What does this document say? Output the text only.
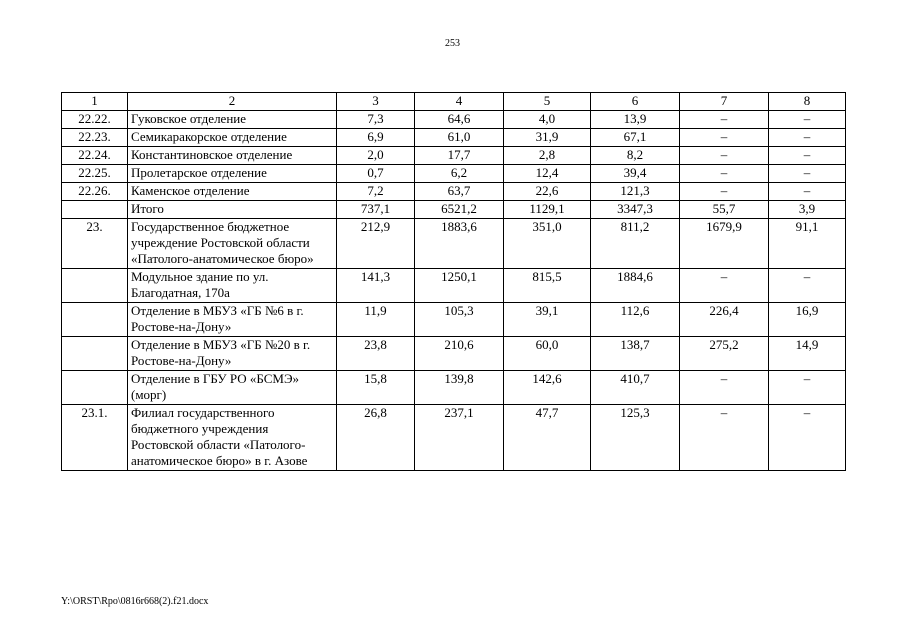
253
1	2	3	4	5	6	7	8
22.22.	Гуковское отделение	7,3	64,6	4,0	13,9	–	–
22.23.	Семикаракорское отделение	6,9	61,0	31,9	67,1	–	–
22.24.	Константиновское отделение	2,0	17,7	2,8	8,2	–	–
22.25.	Пролетарское отделение	0,7	6,2	12,4	39,4	–	–
22.26.	Каменское отделение	7,2	63,7	22,6	121,3	–	–
	Итого	737,1	6521,2	1129,1	3347,3	55,7	3,9
23.	Государственное бюджетное учреждение Ростовской области «Патолого-анатомическое бюро»	212,9	1883,6	351,0	811,2	1679,9	91,1
	Модульное здание по ул. Благодатная, 170а	141,3	1250,1	815,5	1884,6	–	–
	Отделение в МБУЗ «ГБ №6 в г. Ростове-на-Дону»	11,9	105,3	39,1	112,6	226,4	16,9
	Отделение в МБУЗ «ГБ №20 в г. Ростове-на-Дону»	23,8	210,6	60,0	138,7	275,2	14,9
	Отделение в ГБУ РО «БСМЭ» (морг)	15,8	139,8	142,6	410,7	–	–
23.1.	Филиал государственного бюджетного учреждения Ростовской области «Патолого-анатомическое бюро» в г. Азове	26,8	237,1	47,7	125,3	–	–
Y:\ORST\Rpo\0816r668(2).f21.docx
